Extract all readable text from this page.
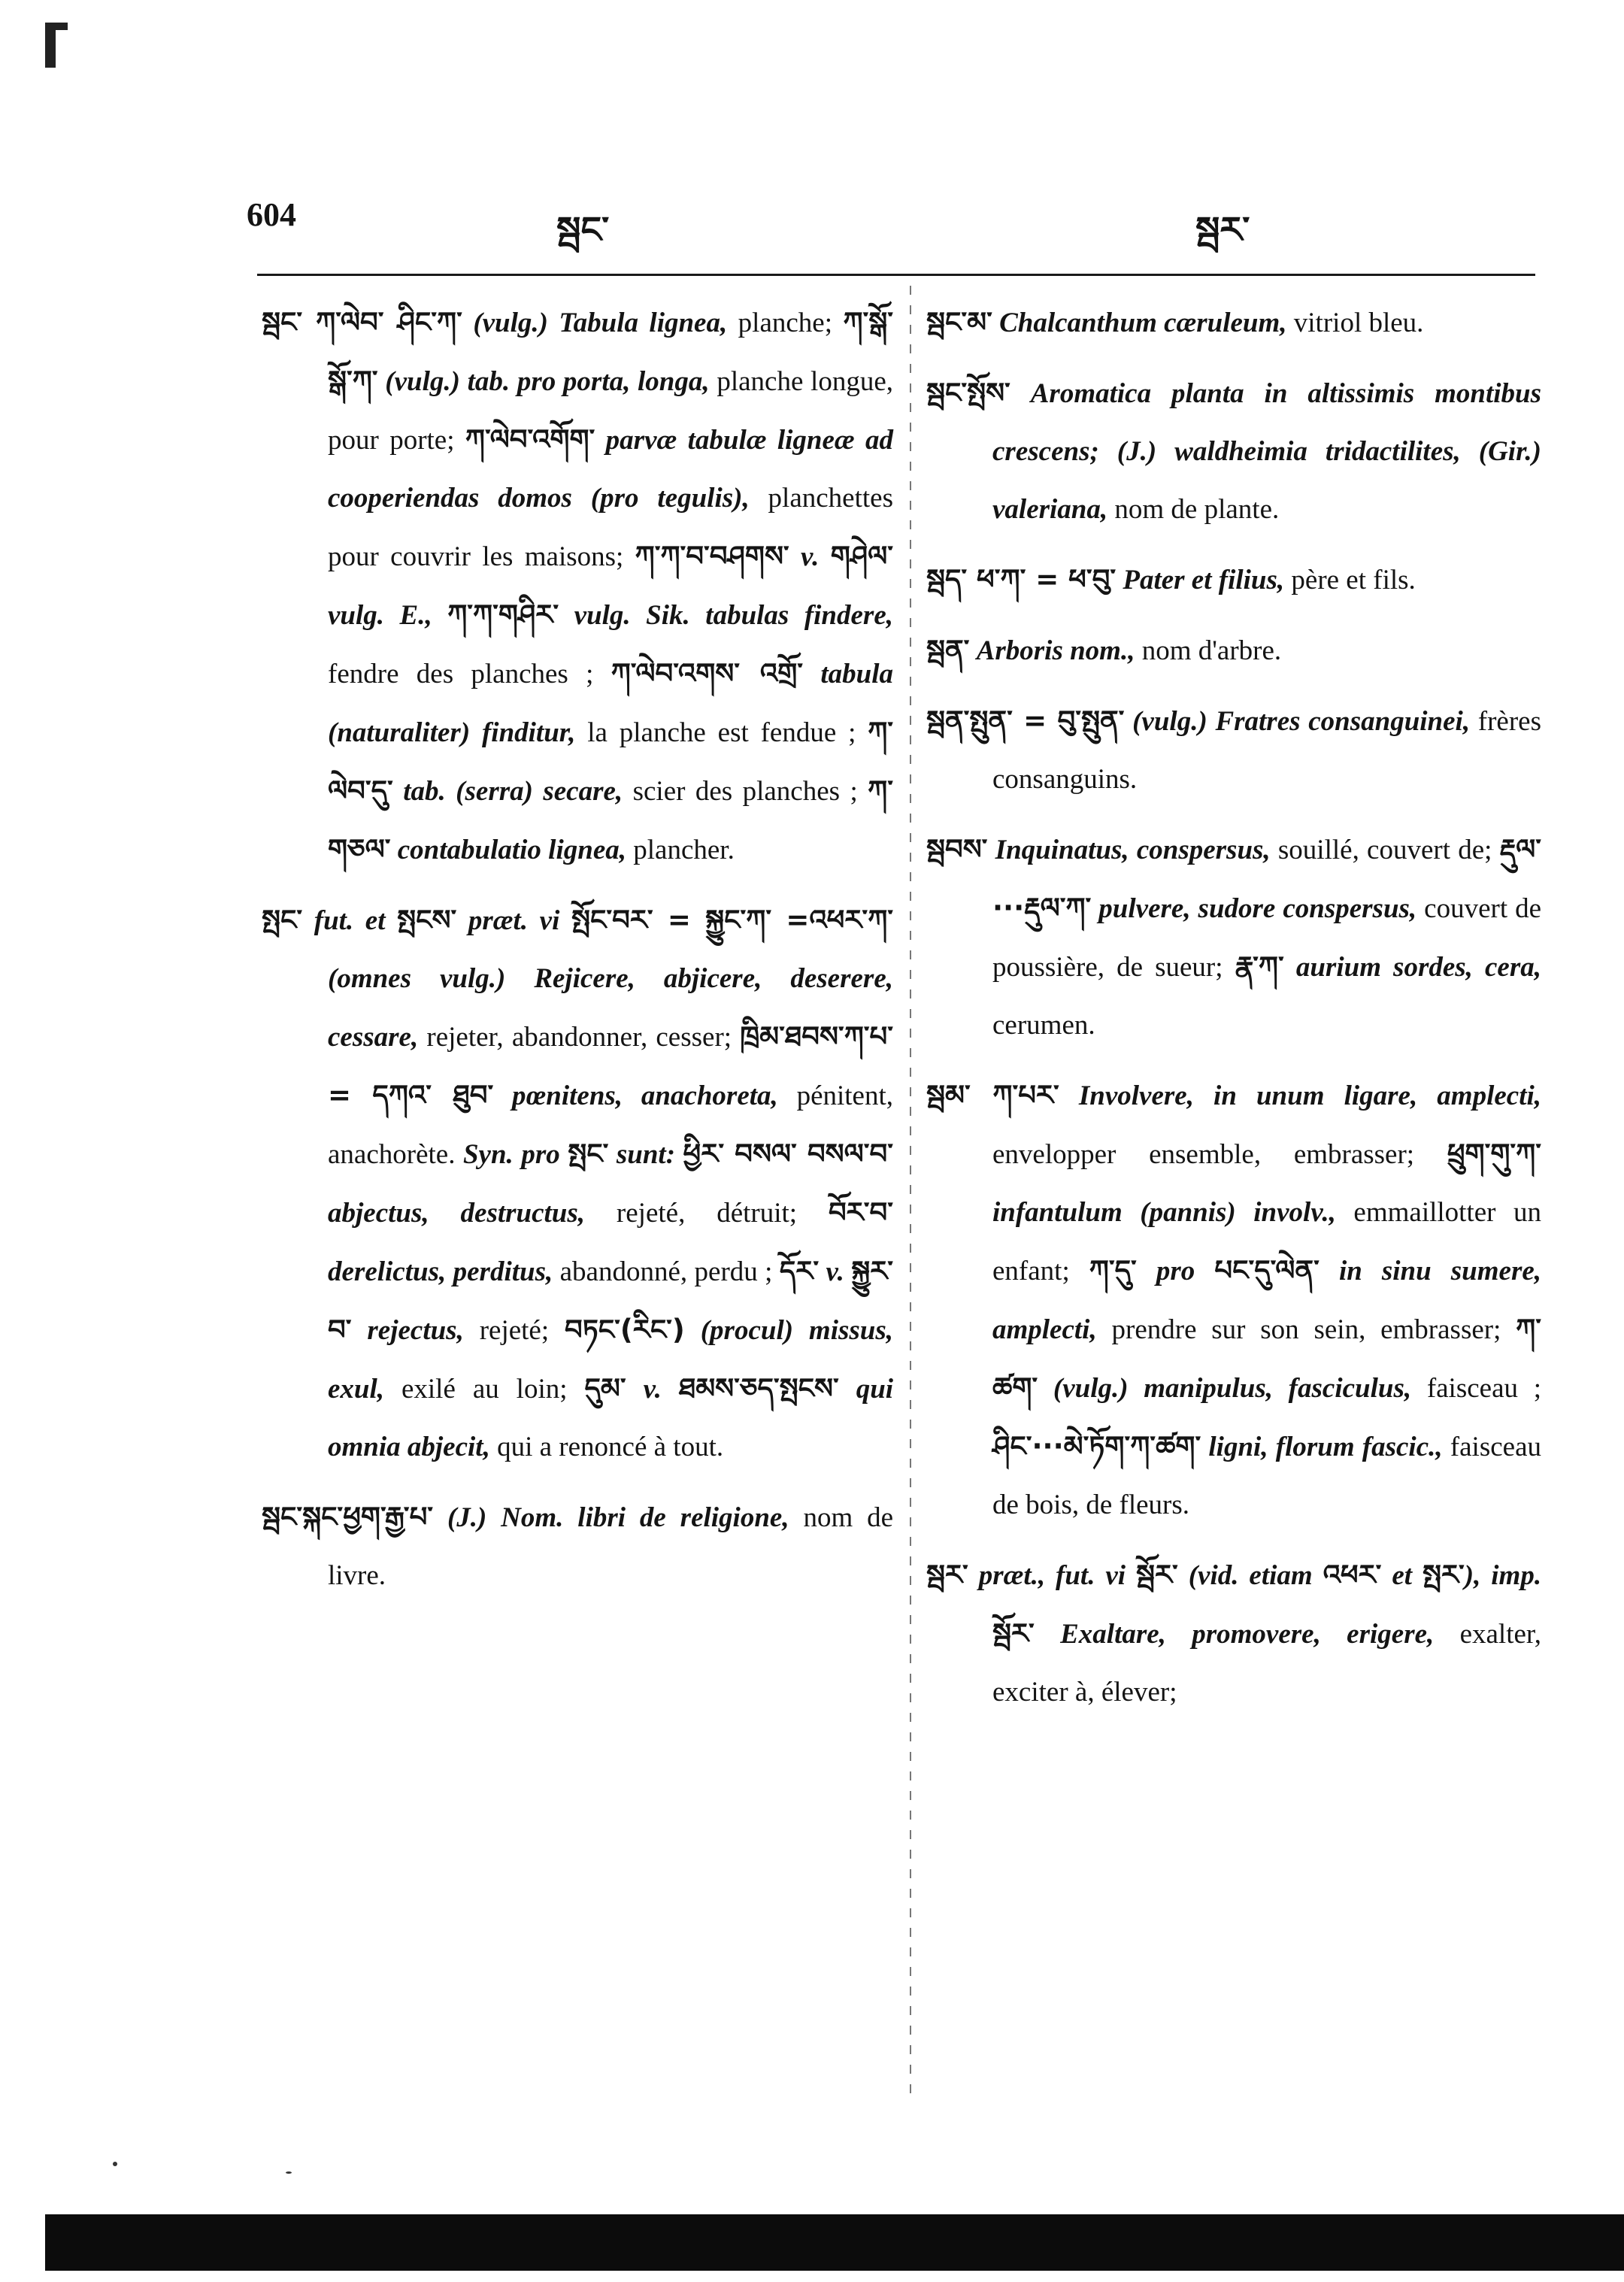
604	སྦང་	སྦར་

སྦང་ ཀ་ལེབ་ ཤིང་ཀ་ (vulg.) Tabula lignea, planche; ཀ་སྒོ་ སྒོ་ཀ་ (vulg.) tab. pro porta, longa, planche longue, pour porte; ཀ་ལེབ་འགོག་ parvæ tabulæ ligneæ ad cooperiendas domos (pro tegulis), planchettes pour couvrir les maisons; ཀ་ཀ་བ་བཤགས་ v. གཤེལ་ vulg. E., ཀ་ཀ་གཤིར་ vulg. Sik. tabulas findere, fendre des planches ; ཀ་ལེབ་འགས་ འགྲོ་ tabula (naturaliter) finditur, la planche est fendue ; ཀ་ལེབ་དུ་ tab. (serra) secare, scier des planches ; ཀ་གཅལ་ contabulatio lignea, plancher.

སྤང་ fut. et སྤངས་ præt. vi སྤོང་བར་ = སྐྱུང་ཀ་ =འཕར་ཀ་ (omnes vulg.) Rejicere, abjicere, deserere, cessare, rejeter, abandonner, cesser; ཁྲིམ་ཐབས་ཀ་པ་ = དཀའ་ ཐུབ་ pœnitens, anachoreta, pénitent, anachorète. Syn. pro སྤང་ sunt: ཕྱིར་ བསལ་ བསལ་བ་ abjectus, destructus, rejeté, détruit; བོར་བ་ derelictus, perditus, abandonné, perdu ; དོར་ v. སྐྱུར་ བ་ rejectus, rejeté; བཏང་(རིང་) (procul) missus, exul, exilé au loin; དུམ་ v. ཐམས་ཅད་སྤངས་ qui omnia abjecit, qui a renoncé à tout.

སྦང་སྐང་ཕྱག་རྒྱ་པ་ (J.) Nom. libri de religione, nom de livre.

སྦང་མ་ Chalcanthum cæruleum, vitriol bleu.

སྦང་སྤོས་ Aromatica planta in altissimis montibus crescens; (J.) waldheimia tridactilites, (Gir.) valeriana, nom de plante.

སྦད་ ཕ་ཀ་ = ཕ་བུ་ Pater et filius, père et fils.

སྦན་ Arboris nom., nom d'arbre.

སྦན་སྤུན་ = བུ་སྤུན་ (vulg.) Fratres consanguinei, frères consanguins.

སྦབས་ Inquinatus, conspersus, souillé, couvert de; རྡུལ་···རྡུལ་ཀ་ pulvere, sudore conspersus, couvert de poussière, de sueur; རྣ་ཀ་ aurium sordes, cera, cerumen.

སྦམ་ ཀ་པར་ Involvere, in unum ligare, amplecti, envelopper ensemble, embrasser; ཕྲུག་གུ་ཀ་ infantulum (pannis) involv., emmaillotter un enfant; ཀ་དུ་ pro པང་དུ་ལེན་ in sinu sumere, amplecti, prendre sur son sein, embrasser; ཀ་ ཚག་ (vulg.) manipulus, fasciculus, faisceau ; ཤིང་···མེ་ཏོག་ཀ་ཚག་ ligni, florum fascic., faisceau de bois, de fleurs.

སྦར་ præt., fut. vi སྦོར་ (vid. etiam འཕར་ et སྤར་), imp. སྦོར་ Exaltare, promovere, erigere, exalter, exciter à, élever;
